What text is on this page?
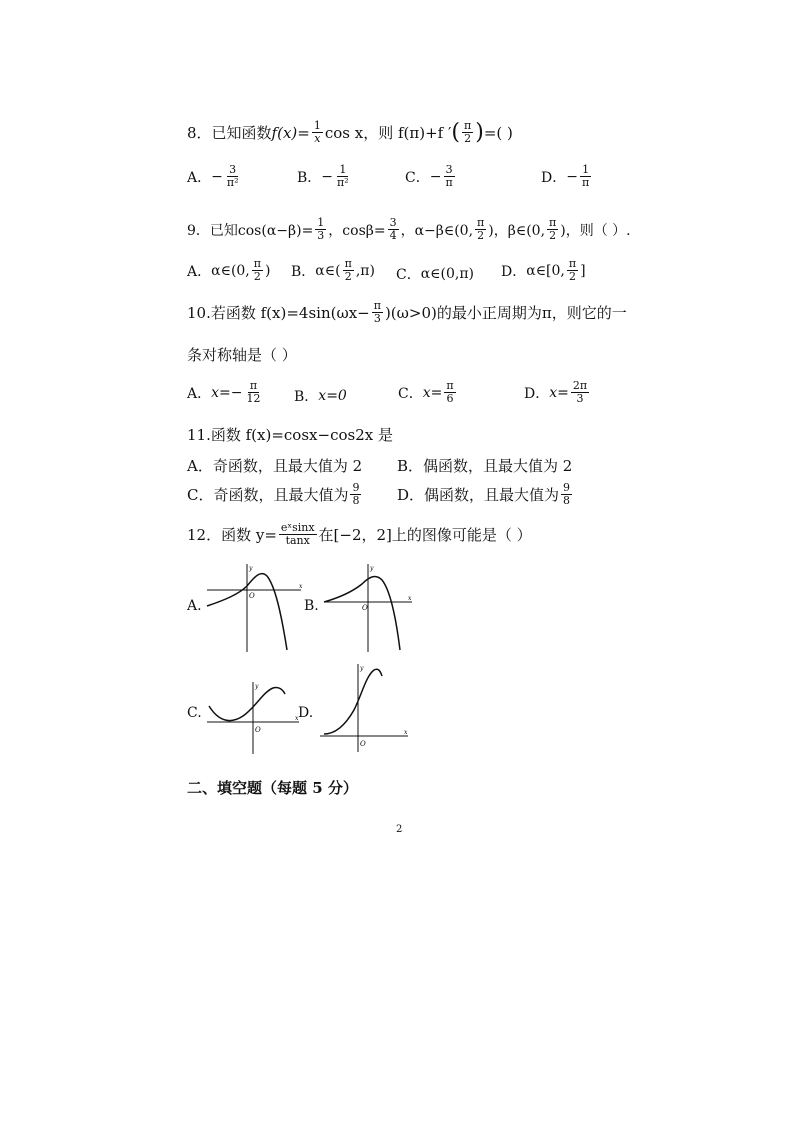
8．已知函数 $f(x)= \frac{1}{x}$ cos x，则 f(π)+f ′ ( $\frac{\pi}{2}$ ) =( )
A． − $\frac{3}{\text{π²}}$	B． − $\frac{1}{\text{π²}}$	C． − $\frac{3}{\pi}$	D． − $\frac{1}{\pi}$
9．已知$\cos(\alpha-\beta)= \frac{1}{3}$ ，$\cos\beta= \frac{3}{4}$ ，α−β∈(0, $\frac{\pi}{2}$ )，β∈(0, $\frac{\pi}{2}$ )，则（ ）.
A． α∈(0, $\frac{\pi}{2}$ ) B． α∈( $\frac{\pi}{2} ,\pi$) C． α∈(0,π) D． α∈[0, $\frac{\pi}{2}$ ]
10.若函数 $f(x)=4\sin(\omega x- \frac{\pi}{3} )(\omega>0)$的最小正周期为π，则它的一
条对称轴是（ ）
A． $x=- \frac{\pi}{12}$ B． x=0	C． $x= \frac{\pi}{6}$	D． $x= \frac{2\pi}{3}$
11.函数 f(x)=cosx−cos2x 是
A．奇函数，且最大值为 2 B．偶函数，且最大值为 2
C．奇函数，且最大值为 $\frac{9}{8}$ D．偶函数，且最大值为 $\frac{9}{8}$
12．函数 $y= \frac{\text{eˣsinx}}{\tan x}$ 在[−2，2]上的图像可能是（ ）
A.	B.
C.	D.
O
x
y
O
x
y
O
x
y
O
x
y
二、填空题（每题 5 分）
2
